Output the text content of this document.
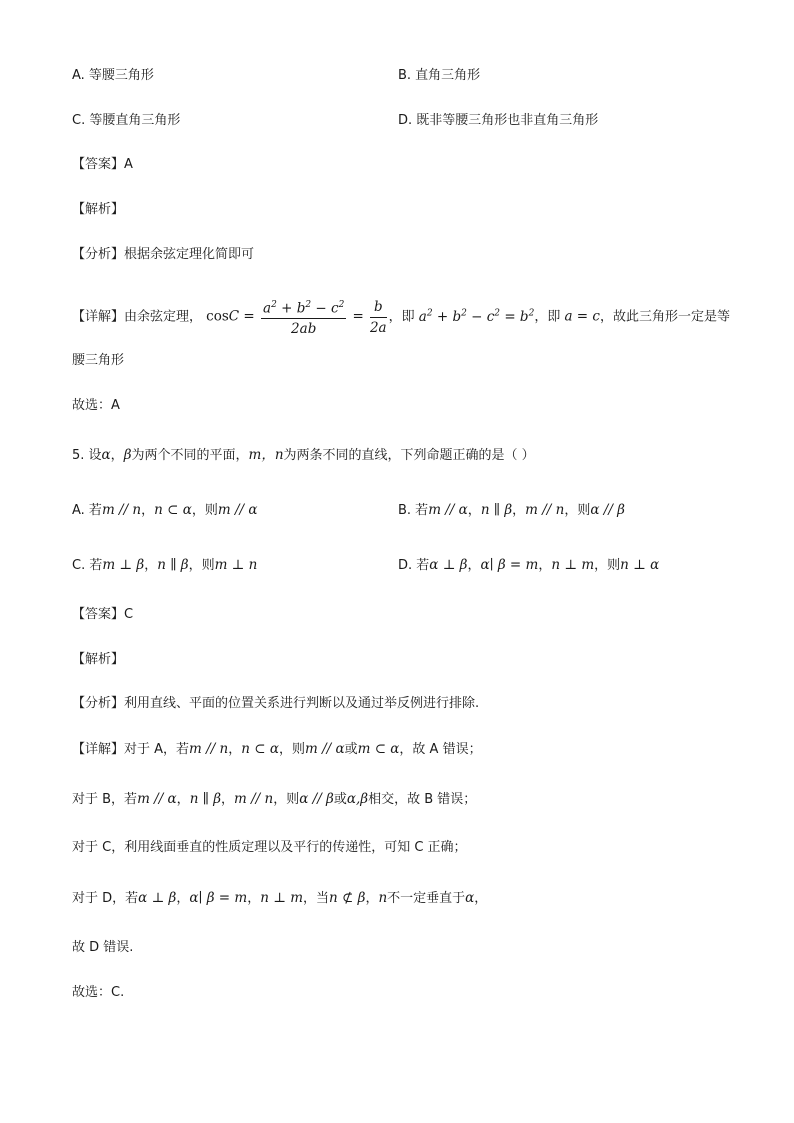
A. 等腰三角形	B. 直角三角形
C. 等腰直角三角形	D. 既非等腰三角形也非直角三角形
【答案】A
【解析】
【分析】根据余弦定理化简即可
【详解】由余弦定理， $\cos C = \frac{a^2 + b^2 - c^2}{2ab} = \frac{b}{2a}$ ，即 $a^2 + b^2 - c^2 = b^2$，即 a = c，故此三角形一定是等
腰三角形
故选：A
5. 设α，β为两个不同的平面，m，n为两条不同的直线，下列命题正确的是（ ）
A. 若m // n，n ⊂ α，则m // α	B. 若m // α，n ∥ β，m // n，则α // β
C. 若m ⊥ β，n ∥ β，则m ⊥ n	D. 若α ⊥ β，α∣ β = m，n ⊥ m，则n ⊥ α
【答案】C
【解析】
【分析】利用直线、平面的位置关系进行判断以及通过举反例进行排除.
【详解】对于 A，若m // n，n ⊂ α，则m // α或m ⊂ α，故 A 错误；
对于 B，若m // α，n ∥ β，m // n，则α // β或α,β相交，故 B 错误；
对于 C，利用线面垂直的性质定理以及平行的传递性，可知 C 正确；
对于 D，若α ⊥ β，α∣ β = m，n ⊥ m，当n ⊄ β，n不一定垂直于α，
故 D 错误.
故选：C.
